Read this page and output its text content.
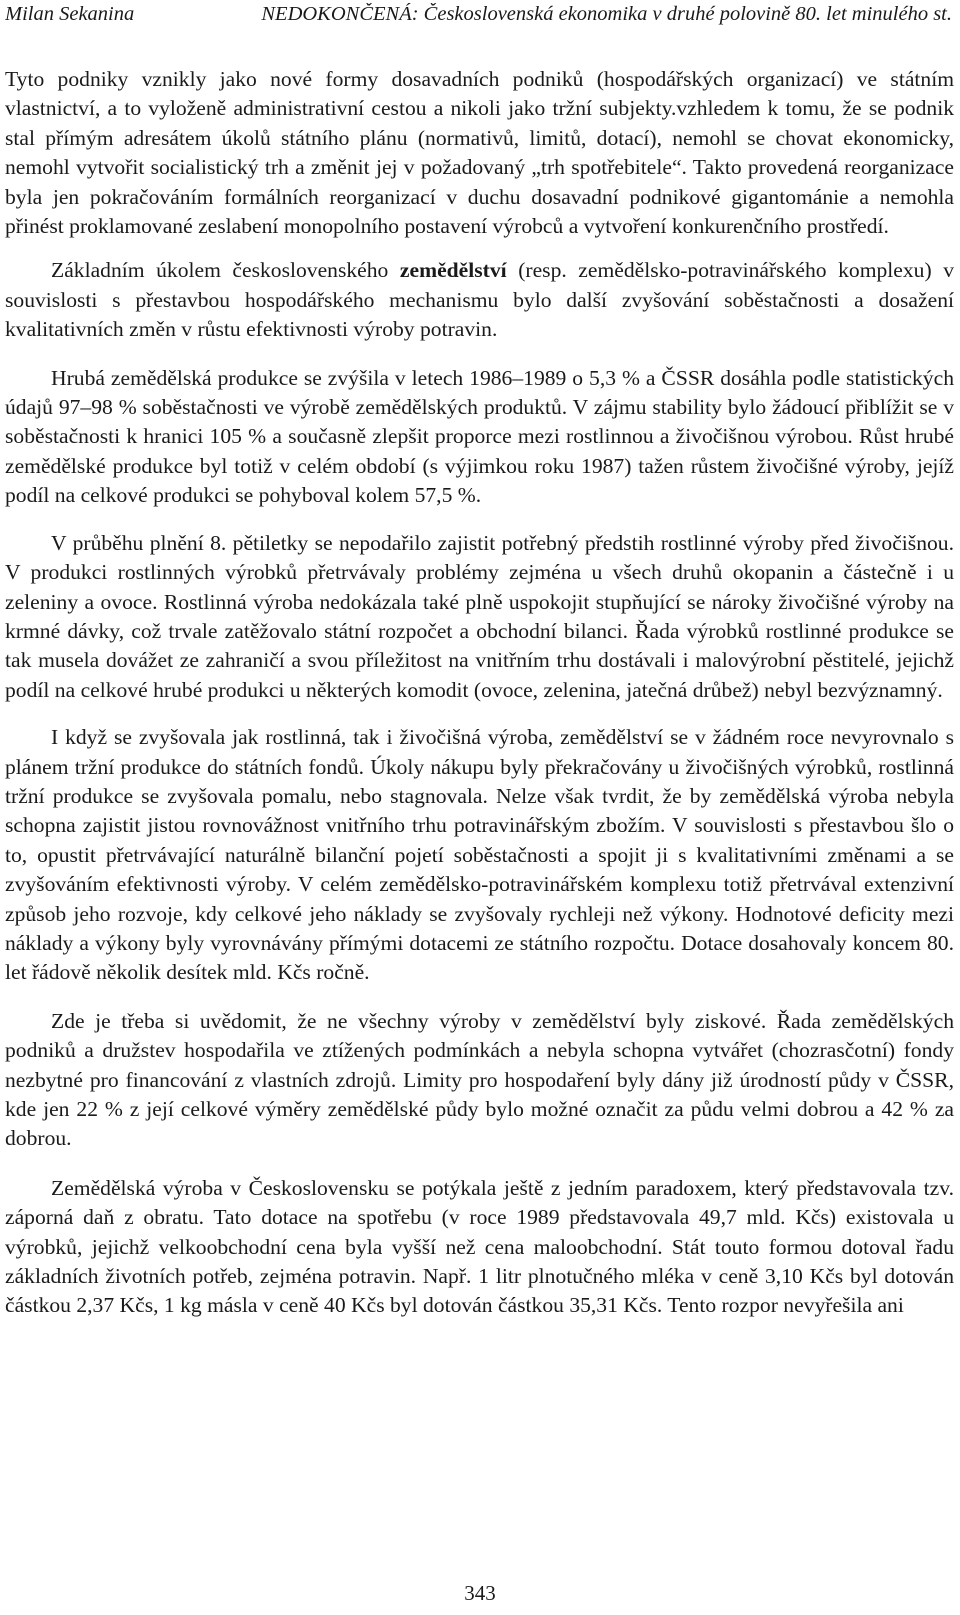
Milan Sekanina	NEDOKONČENÁ: Československá ekonomika v druhé polovině 80. let minulého st.

Tyto podniky vznikly jako nové formy dosavadních podniků (hospodářských organizací) ve státním vlastnictví, a to vyloženě administrativní cestou a nikoli jako tržní subjekty.vzhledem k tomu, že se podnik stal přímým adresátem úkolů státního plánu (normativů, limitů, dotací), nemohl se chovat ekonomicky, nemohl vytvořit socialistický trh a změnit jej v požadovaný „trh spotřebitele“. Takto provedená reorganizace byla jen pokračováním formálních reorganizací v duchu dosavadní podnikové gigantománie a nemohla přinést proklamované zeslabení monopolního postavení výrobců a vytvoření konkurenčního prostředí.

Základním úkolem československého zemědělství (resp. zemědělsko-potravinářského komplexu) v souvislosti s přestavbou hospodářského mechanismu bylo další zvyšování soběstačnosti a dosažení kvalitativních změn v růstu efektivnosti výroby potravin.

Hrubá zemědělská produkce se zvýšila v letech 1986–1989 o 5,3 % a ČSSR dosáhla podle statistických údajů 97–98 % soběstačnosti ve výrobě zemědělských produktů. V zájmu stability bylo žádoucí přiblížit se v soběstačnosti k hranici 105 % a současně zlepšit proporce mezi rostlinnou a živočišnou výrobou. Růst hrubé zemědělské produkce byl totiž v celém období (s výjimkou roku 1987) tažen růstem živočišné výroby, jejíž podíl na celkové produkci se pohyboval kolem 57,5 %.

V průběhu plnění 8. pětiletky se nepodařilo zajistit potřebný předstih rostlinné výroby před živočišnou. V produkci rostlinných výrobků přetrvávaly problémy zejména u všech druhů okopanin a částečně i u zeleniny a ovoce. Rostlinná výroba nedokázala také plně uspokojit stupňující se nároky živočišné výroby na krmné dávky, což trvale zatěžovalo státní rozpočet a obchodní bilanci. Řada výrobků rostlinné produkce se tak musela dovážet ze zahraničí a svou příležitost na vnitřním trhu dostávali i malovýrobní pěstitelé, jejichž podíl na celkové hrubé produkci u některých komodit (ovoce, zelenina, jatečná drůbež) nebyl bezvýznamný.

I když se zvyšovala jak rostlinná, tak i živočišná výroba, zemědělství se v žádném roce nevyrovnalo s plánem tržní produkce do státních fondů. Úkoly nákupu byly překračovány u živočišných výrobků, rostlinná tržní produkce se zvyšovala pomalu, nebo stagnovala. Nelze však tvrdit, že by zemědělská výroba nebyla schopna zajistit jistou rovnovážnost vnitřního trhu potravinářským zbožím. V souvislosti s přestavbou šlo o to, opustit přetrvávající naturálně bilanční pojetí soběstačnosti a spojit ji s kvalitativními změnami a se zvyšováním efektivnosti výroby. V celém zemědělsko-potravinářském komplexu totiž přetrvával extenzivní způsob jeho rozvoje, kdy celkové jeho náklady se zvyšovaly rychleji než výkony. Hodnotové deficity mezi náklady a výkony byly vyrovnávány přímými dotacemi ze státního rozpočtu. Dotace dosahovaly koncem 80. let řádově několik desítek mld. Kčs ročně.

Zde je třeba si uvědomit, že ne všechny výroby v zemědělství byly ziskové. Řada zemědělských podniků a družstev hospodařila ve ztížených podmínkách a nebyla schopna vytvářet (chozrasčotní) fondy nezbytné pro financování z vlastních zdrojů. Limity pro hospodaření byly dány již úrodností půdy v ČSSR, kde jen 22 % z její celkové výměry zemědělské půdy bylo možné označit za půdu velmi dobrou a 42 % za dobrou.

Zemědělská výroba v Československu se potýkala ještě z jedním paradoxem, který představovala tzv. záporná daň z obratu. Tato dotace na spotřebu (v roce 1989 představovala 49,7 mld. Kčs) existovala u výrobků, jejichž velkoobchodní cena byla vyšší než cena maloobchodní. Stát touto formou dotoval řadu základních životních potřeb, zejména potravin. Např. 1 litr plnotučného mléka v ceně 3,10 Kčs byl dotován částkou 2,37 Kčs, 1 kg másla v ceně 40 Kčs byl dotován částkou 35,31 Kčs. Tento rozpor nevyřešila ani

343
